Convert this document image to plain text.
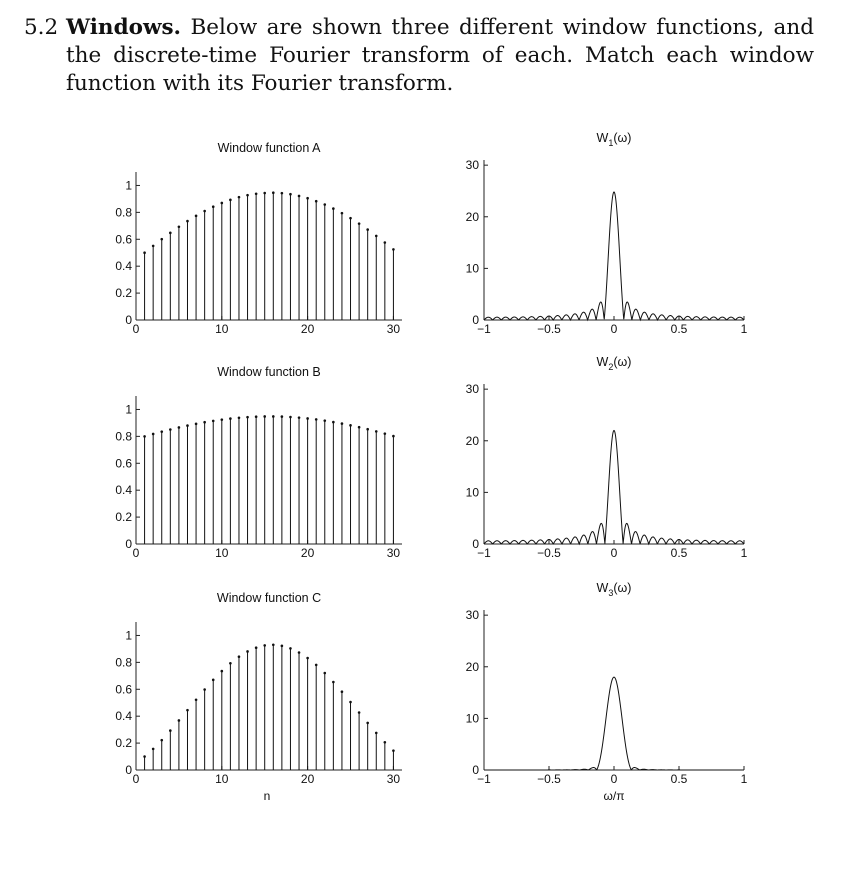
5.2 Windows. Below are shown three different window functions, and the discrete-time Fourier transform of each. Match each window function with its Fourier transform.
Window function A
0
0.2
0.4
0.6
0.8
1
0	10	20	30
$W_1(\omega)$
0
10
20
30
−1	−0.5	0	0.5	1
Window function B
0
0.2
0.4
0.6
0.8
1
0	10	20	30
$W_2(\omega)$
0
10
20
30
−1	−0.5	0	0.5	1
Window function C
0
0.2
0.4
0.6
0.8
1
0	10	20	30
n
$W_3(\omega)$
0
10
20
30
−1	−0.5	0	0.5	1
ω/π
